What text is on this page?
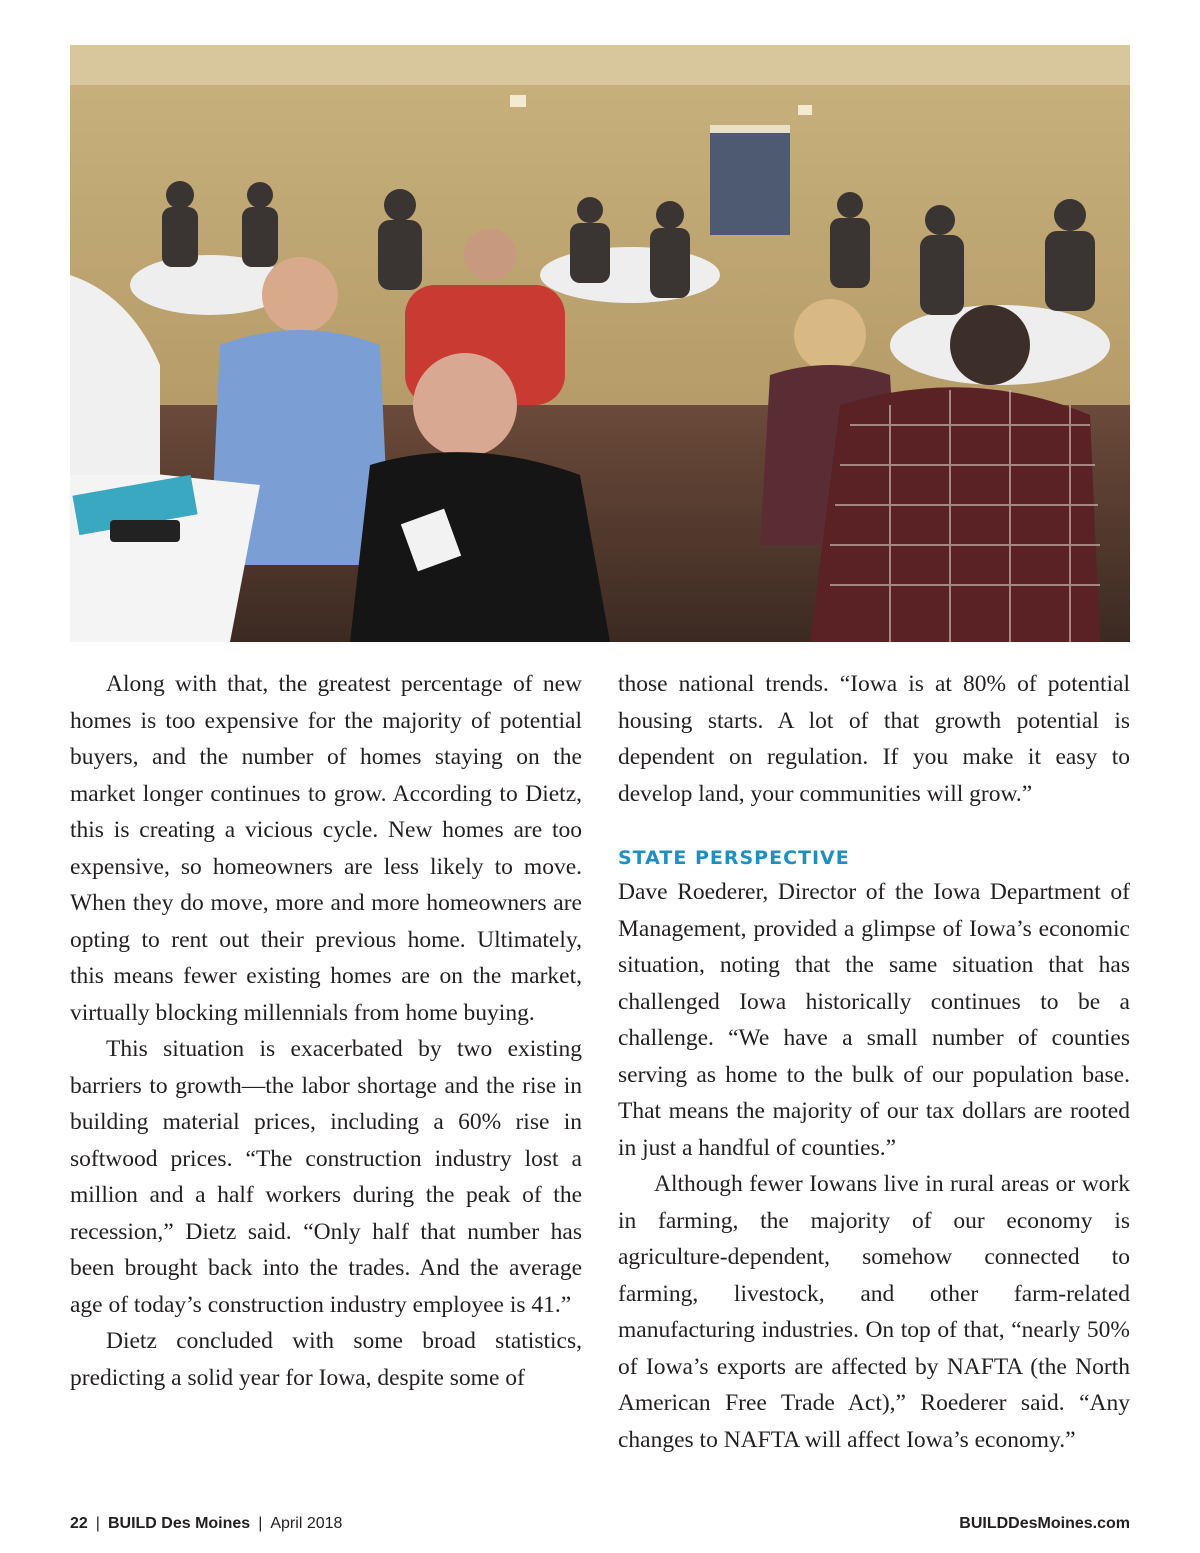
Along with that, the greatest percentage of new homes is too expensive for the majority of potential buyers, and the number of homes staying on the market longer continues to grow. According to Dietz, this is creating a vicious cycle. New homes are too expensive, so homeowners are less likely to move. When they do move, more and more homeowners are opting to rent out their previous home. Ultimately, this means fewer existing homes are on the market, virtually blocking millennials from home buying.

This situation is exacerbated by two existing barriers to growth—the labor shortage and the rise in building material prices, including a 60% rise in softwood prices. “The construction industry lost a million and a half workers during the peak of the recession,” Dietz said. “Only half that number has been brought back into the trades. And the average age of today’s construction industry employee is 41.”

Dietz concluded with some broad statistics, predicting a solid year for Iowa, despite some of

those national trends. “Iowa is at 80% of potential housing starts. A lot of that growth potential is dependent on regulation. If you make it easy to develop land, your communities will grow.”

STATE PERSPECTIVE

Dave Roederer, Director of the Iowa Department of Management, provided a glimpse of Iowa’s economic situation, noting that the same situation that has challenged Iowa historically continues to be a challenge. “We have a small number of counties serving as home to the bulk of our population base. That means the majority of our tax dollars are rooted in just a handful of counties.”

Although fewer Iowans live in rural areas or work in farming, the majority of our economy is agriculture-dependent, somehow connected to farming, livestock, and other farm-related manufacturing industries. On top of that, “nearly 50% of Iowa’s exports are affected by NAFTA (the North American Free Trade Act),” Roederer said. “Any changes to NAFTA will affect Iowa’s economy.”

22 | BUILD Des Moines | April 2018	BUILDDesMoines.com
